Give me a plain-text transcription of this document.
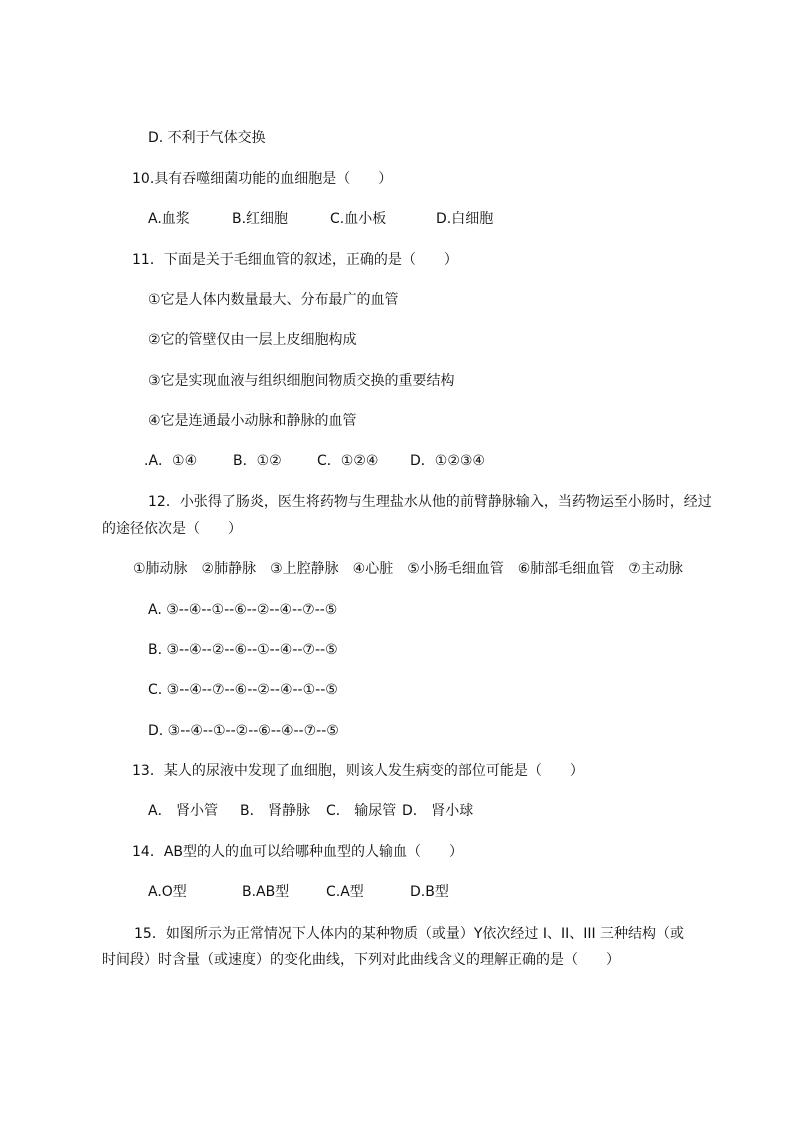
D. 不利于气体交换
10.具有吞噬细菌功能的血细胞是（　　）
A.血浆	B.红细胞	C.血小板	D.白细胞
11．下面是关于毛细血管的叙述，正确的是（　　）
①它是人体内数量最大、分布最广的血管
②它的管壁仅由一层上皮细胞构成
③它是实现血液与组织细胞间物质交换的重要结构
④它是连通最小动脉和静脉的血管
.A．①④	B．①②	C．①②④ D．①②③④
12．小张得了肠炎，医生将药物与生理盐水从他的前臂静脉输入，当药物运至小肠时，经过
的途径依次是（　　）
①肺动脉　②肺静脉　③上腔静脉　④心脏　⑤小肠毛细血管　⑥肺部毛细血管　⑦主动脉
A. ③--④--①--⑥--②--④--⑦--⑤
B. ③--④--②--⑥--①--④--⑦--⑤
C. ③--④--⑦--⑥--②--④--①--⑤
D. ③--④--①--②--⑥--④--⑦--⑤
13．某人的尿液中发现了血细胞，则该人发生病变的部位可能是（　　）
A． 肾小管 B． 肾静脉 C． 输尿管 D． 肾小球
14．AB型的人的血可以给哪种血型的人输血（　　）
A.O型	B.AB型	C.A型	D.B型
15．如图所示为正常情况下人体内的某种物质（或量）Y依次经过 I、II、III 三种结构（或
时间段）时含量（或速度）的变化曲线，下列对此曲线含义的理解正确的是（　　）
